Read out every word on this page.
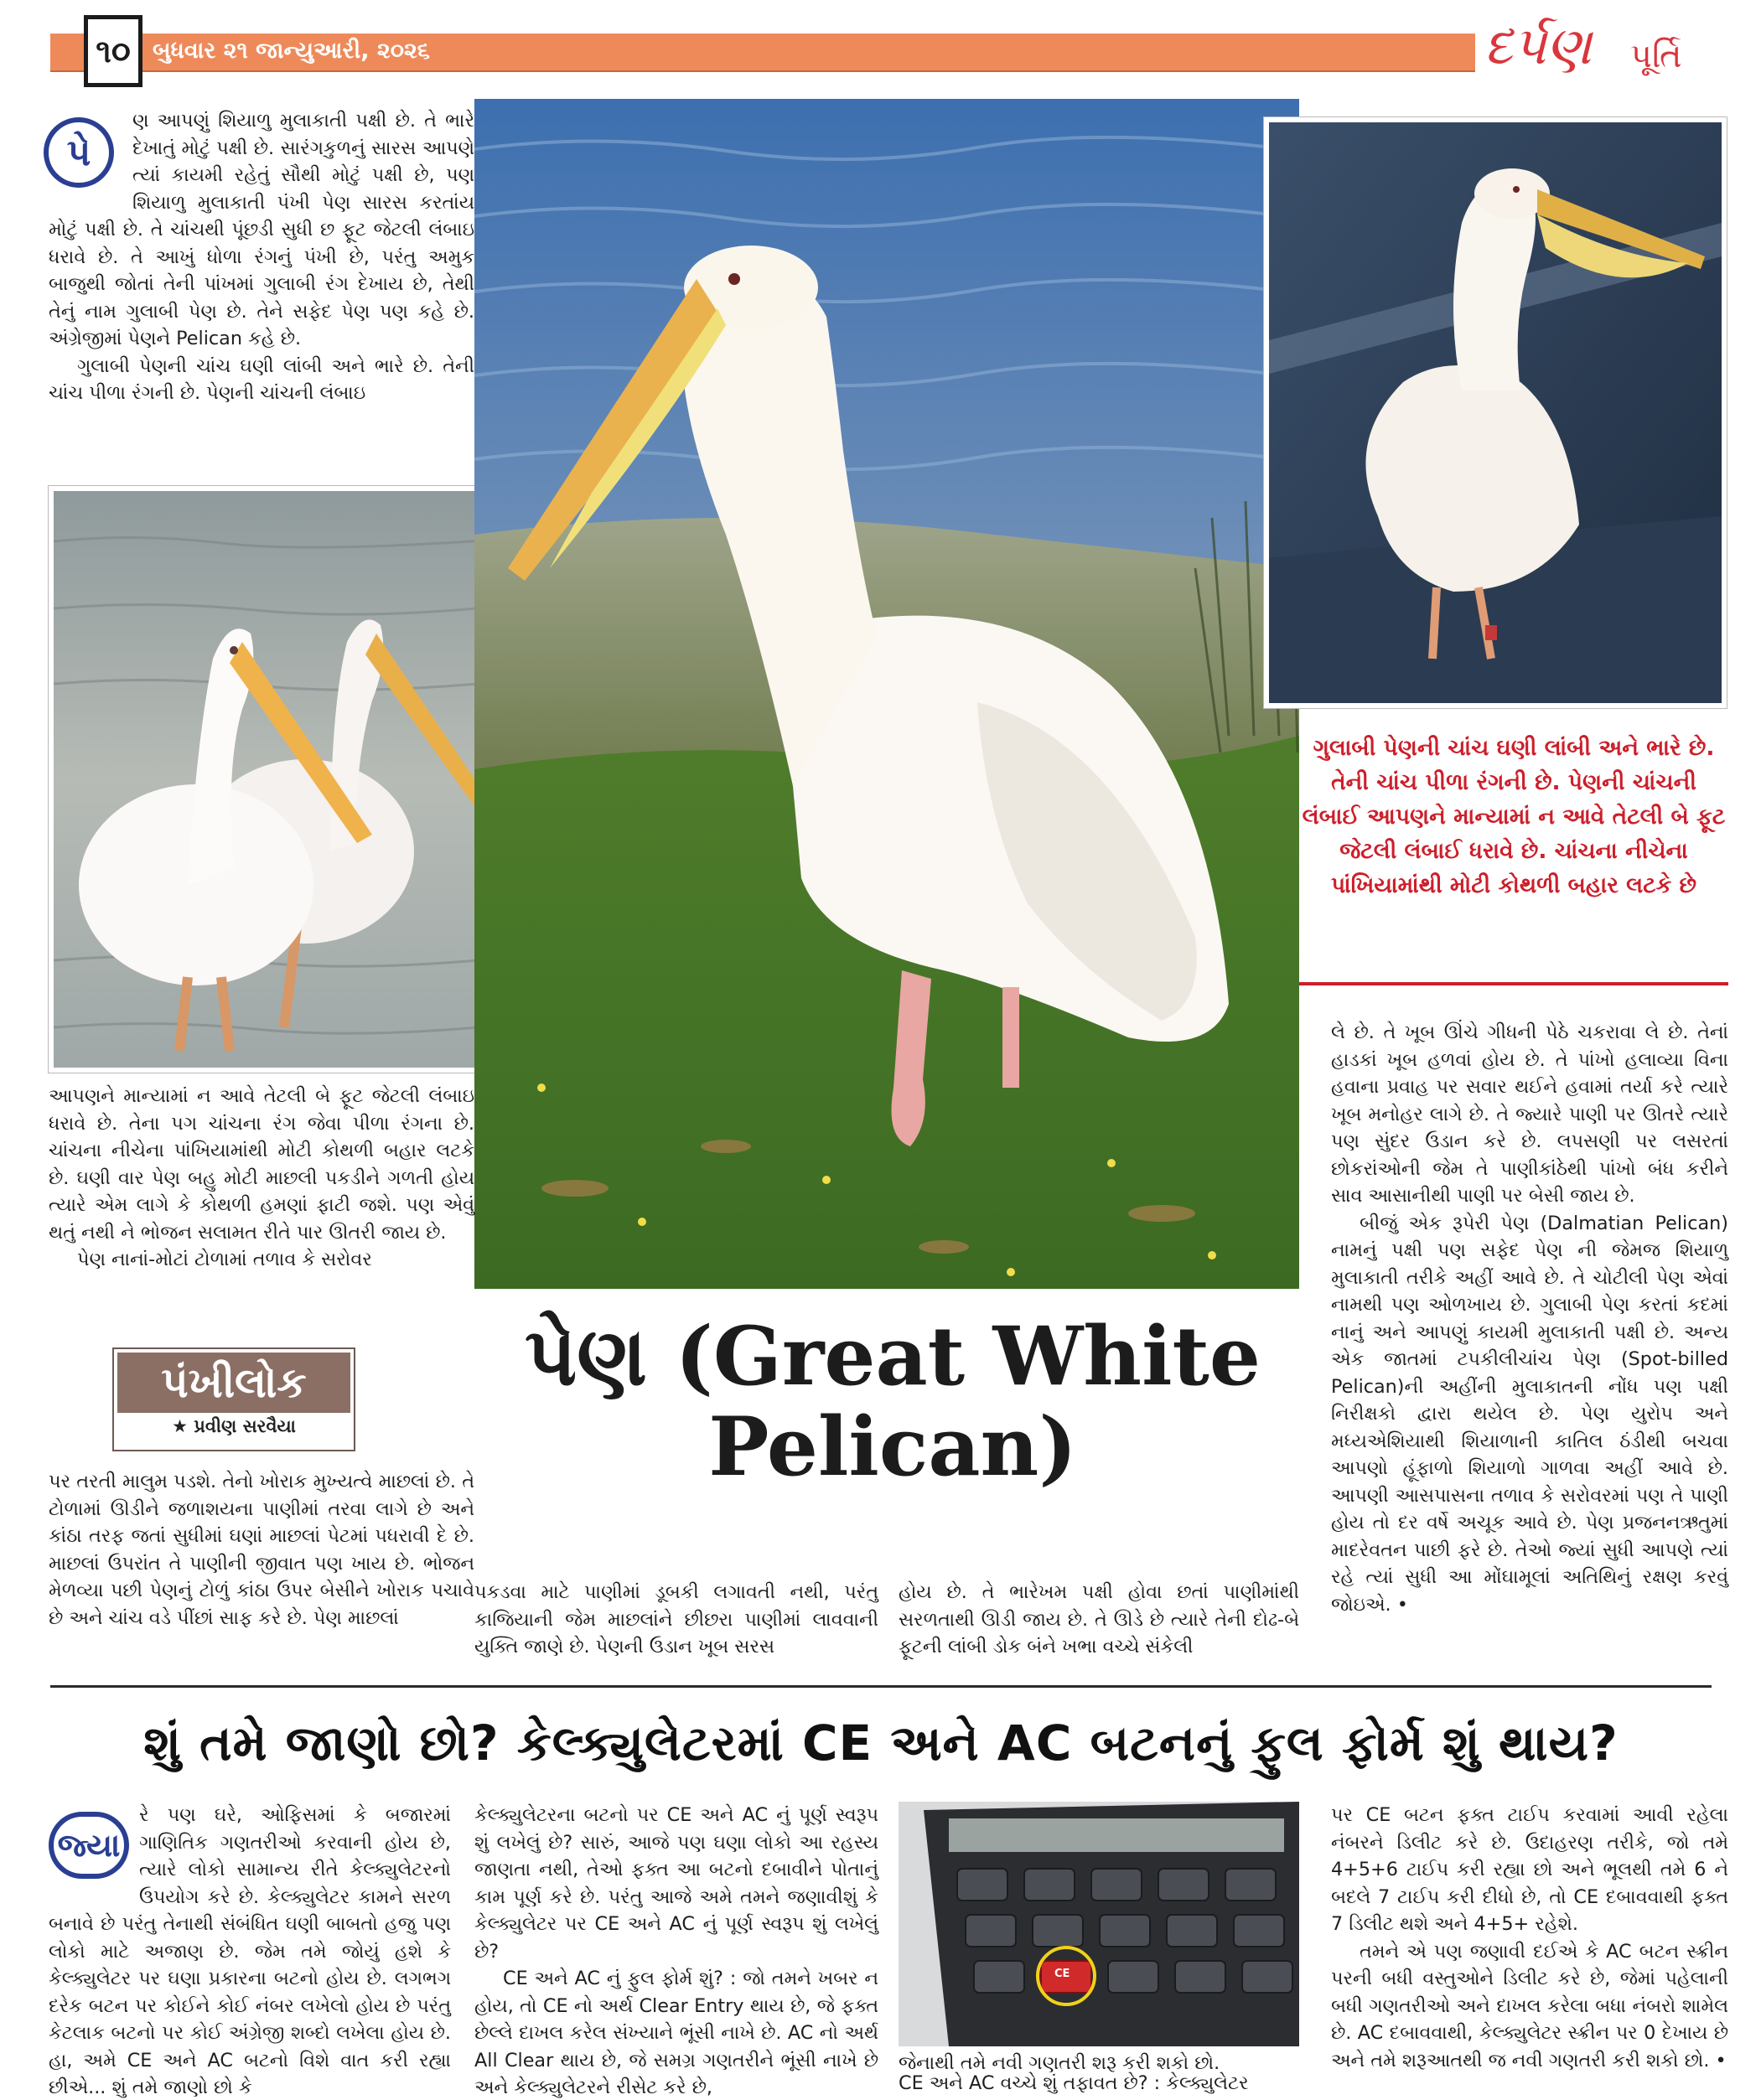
૧૦ બુધવાર ૨૧ જાન્યુઆરી, ૨૦૨૬	દર્પણ પૂર્તિ
પે

ણ આપણું શિયાળુ મુલાકાતી પક્ષી છે. તે ભારે દેખાતું મોટું પક્ષી છે. સારંગકુળનું સારસ આપણે ત્યાં કાયમી રહેતું સૌથી મોટું પક્ષી છે, પણ શિયાળુ મુલાકાતી પંખી પેણ સારસ કરતાંય મોટું પક્ષી છે. તે ચાંચથી પૂંછડી સુધી છ ફૂટ જેટલી લંબાઇ ધરાવે છે. તે આખું ધોળા રંગનું પંખી છે, પરંતુ અમુક બાજુથી જોતાં તેની પાંખમાં ગુલાબી રંગ દેખાય છે, તેથી તેનું નામ ગુલાબી પેણ છે. તેને સફેદ પેણ પણ કહે છે. અંગ્રેજીમાં પેણને Pelican કહે છે.

ગુલાબી પેણની ચાંચ ઘણી લાંબી અને ભારે છે. તેની ચાંચ પીળા રંગની છે. પેણની ચાંચની લંબાઇ

ગુલાબી પેણની ચાંચ ઘણી લાંબી અને ભારે છે. તેની ચાંચ પીળા રંગની છે. પેણની ચાંચની લંબાઈ આપણને માન્યામાં ન આવે તેટલી બે ફૂટ જેટલી લંબાઈ ધરાવે છે. ચાંચના નીચેના પાંખિયામાંથી મોટી કોથળી બહાર લટકે છે

આપણને માન્યામાં ન આવે તેટલી બે ફૂટ જેટલી લંબાઇ ધરાવે છે. તેના પગ ચાંચના રંગ જેવા પીળા રંગના છે. ચાંચના નીચેના પાંખિયામાંથી મોટી કોથળી બહાર લટકે છે. ઘણી વાર પેણ બહુ મોટી માછલી પકડીને ગળતી હોય ત્યારે એમ લાગે કે કોથળી હમણાં ફાટી જશે. પણ એવું થતું નથી ને ભોજન સલામત રીતે પાર ઊતરી જાય છે.

પેણ નાનાં-મોટાં ટોળામાં તળાવ કે સરોવર

પંખીલોક
★ પ્રવીણ સરવૈયા

પર તરતી માલુમ પડશે. તેનો ખોરાક મુખ્યત્વે માછલાં છે. તે ટોળામાં ઊડીને જળાશયના પાણીમાં તરવા લાગે છે અને કાંઠા તરફ જતાં સુધીમાં ઘણાં માછલાં પેટમાં પધરાવી દે છે. માછલાં ઉપરાંત તે પાણીની જીવાત પણ ખાય છે. ભોજન મેળવ્યા પછી પેણનું ટોળું કાંઠા ઉપર બેસીને ખોરાક પચાવે છે અને ચાંચ વડે પીંછાં સાફ કરે છે. પેણ માછલાં

પેણ (Great White
Pelican)

પકડવા માટે પાણીમાં ડૂબકી લગાવતી નથી, પરંતુ કાજિયાની જેમ માછલાંને છીછરા પાણીમાં લાવવાની યુક્તિ જાણે છે. પેણની ઉડાન ખૂબ સરસ

હોય છે. તે ભારેખમ પક્ષી હોવા છતાં પાણીમાંથી સરળતાથી ઊડી જાય છે. તે ઊડે છે ત્યારે તેની દોઢ-બે ફૂટની લાંબી ડોક બંને ખભા વચ્ચે સંકેલી

લે છે. તે ખૂબ ઊંચે ગીધની પેઠે ચકરાવા લે છે. તેનાં હાડકાં ખૂબ હળવાં હોય છે. તે પાંખો હલાવ્યા વિના હવાના પ્રવાહ પર સવાર થઈને હવામાં તર્યા કરે ત્યારે ખૂબ મનોહર લાગે છે. તે જ્યારે પાણી પર ઊતરે ત્યારે પણ સુંદર ઉડાન કરે છે. લપસણી પર લસરતાં છોકરાંઓની જેમ તે પાણીકાંઠેથી પાંખો બંધ કરીને સાવ આસાનીથી પાણી પર બેસી જાય છે.

બીજું એક રૂપેરી પેણ (Dalmatian Pelican) નામનું પક્ષી પણ સફેદ પેણ ની જેમજ શિયાળુ મુલાકાતી તરીકે અહીં આવે છે. તે ચોટીલી પેણ એવાં નામથી પણ ઓળખાય છે. ગુલાબી પેણ કરતાં કદમાં નાનું અને આપણું કાયમી મુલાકાતી પક્ષી છે. અન્ય એક જાતમાં ટપકીલીચાંચ પેણ (Spot-billed Pelican)ની અહીંની મુલાકાતની નોંધ પણ પક્ષી નિરીક્ષકો દ્વારા થયેલ છે. પેણ યુરોપ અને મધ્યએશિયાથી શિયાળાની કાતિલ ઠંડીથી બચવા આપણો હૂંફાળો શિયાળો ગાળવા અહીં આવે છે. આપણી આસપાસના તળાવ કે સરોવરમાં પણ તે પાણી હોય તો દર વર્ષે અચૂક આવે છે. પેણ પ્રજનનઋતુમાં માદરેવતન પાછી ફરે છે. તેઓ જ્યાં સુધી આપણે ત્યાં રહે ત્યાં સુધી આ મોંઘામૂલાં અતિથિનું રક્ષણ કરવું જોઇએ. •

શું તમે જાણો છો? કેલ્ક્યુલેટરમાં CE અને AC બટનનું ફુલ ફોર્મ શું થાય?
જ્યા

રે પણ ઘરે, ઓફિસમાં કે બજારમાં ગાણિતિક ગણતરીઓ કરવાની હોય છે, ત્યારે લોકો સામાન્ય રીતે કેલ્ક્યુલેટરનો ઉપયોગ કરે છે. કેલ્ક્યુલેટર કામને સરળ બનાવે છે પરંતુ તેનાથી સંબંધિત ઘણી બાબતો હજુ પણ લોકો માટે અજાણ છે. જેમ તમે જોયું હશે કે કેલ્ક્યુલેટર પર ઘણા પ્રકારના બટનો હોય છે. લગભગ દરેક બટન પર કોઈને કોઈ નંબર લખેલો હોય છે પરંતુ કેટલાક બટનો પર કોઈ અંગ્રેજી શબ્દો લખેલા હોય છે. હા, અમે CE અને AC બટનો વિશે વાત કરી રહ્યા છીએ... શું તમે જાણો છો કે

કેલ્ક્યુલેટરના બટનો પર CE અને AC નું પૂર્ણ સ્વરૂપ શું લખેલું છે? સારું, આજે પણ ઘણા લોકો આ રહસ્ય જાણતા નથી, તેઓ ફક્ત આ બટનો દબાવીને પોતાનું કામ પૂર્ણ કરે છે. પરંતુ આજે અમે તમને જણાવીશું કે કેલ્ક્યુલેટર પર CE અને AC નું પૂર્ણ સ્વરૂપ શું લખેલું છે?

CE અને AC નું ફુલ ફોર્મ શું? : જો તમને ખબર ન હોય, તો CE નો અર્થ Clear Entry થાય છે, જે ફક્ત છેલ્લે દાખલ કરેલ સંખ્યાને ભૂંસી નાખે છે. AC નો અર્થ All Clear થાય છે, જે સમગ્ર ગણતરીને ભૂંસી નાખે છે અને કેલ્ક્યુલેટરને રીસેટ કરે છે,

CE

જેનાથી તમે નવી ગણતરી શરૂ કરી શકો છો.

CE અને AC વચ્ચે શું તફાવત છે? : કેલ્ક્યુલેટર

પર CE બટન ફક્ત ટાઈપ કરવામાં આવી રહેલા નંબરને ડિલીટ કરે છે. ઉદાહરણ તરીકે, જો તમે 4+5+6 ટાઈપ કરી રહ્યા છો અને ભૂલથી તમે 6 ને બદલે 7 ટાઈપ કરી દીધો છે, તો CE દબાવવાથી ફક્ત 7 ડિલીટ થશે અને 4+5+ રહેશે.

તમને એ પણ જણાવી દઈએ કે AC બટન સ્ક્રીન પરની બધી વસ્તુઓને ડિલીટ કરે છે, જેમાં પહેલાની બધી ગણતરીઓ અને દાખલ કરેલા બધા નંબરો શામેલ છે. AC દબાવવાથી, કેલ્ક્યુલેટર સ્ક્રીન પર 0 દેખાય છે અને તમે શરૂઆતથી જ નવી ગણતરી કરી શકો છો. •
